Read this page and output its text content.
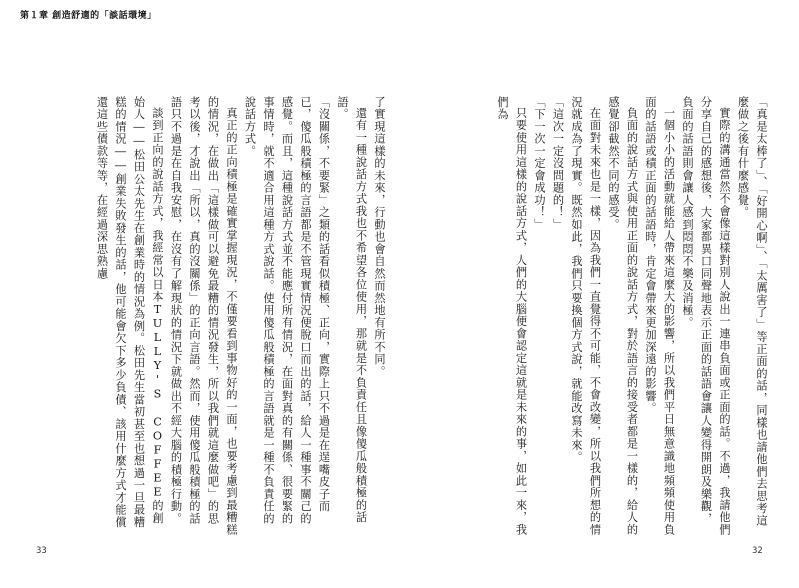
第１章 創造舒適的「談話環境」

「真是太棒了」、「好開心啊」、「太厲害了」等正面的話，同樣也請他們去思考這麼做之後有什麼感覺。

實際的溝通當然不會像這樣對別人說出一連串負面或正面的話。不過，我請他們分享自己的感想後，大家都異口同聲地表示正面的話語會讓人變得開朗及樂觀，負面的話語則會讓人感到悶悶不樂及消極。

一個小小的活動就能給人帶來這麼大的影響，所以我們平日無意識地頻頻使用負面的話語或積正面的話語時，肯定會帶來更加深遠的影響。

負面的說話方式與使用正面的說話方式，對於語言的接受者都是一樣的，給人的感覺卻截然不同的感受。

在面對未來也是一樣，因為我們一直覺得不可能，不會改變，所以我們所想的情況就成為了現實。既然如此，我們只要換個方式說，就能改寫未來。

「這次一定沒問題的！」

「下一次一定會成功！」

只要使用這樣的說話方式，人們的大腦便會認定這就是未來的事，如此一來，我們為

了實現這樣的未來，行動也會自然而然地有所不同。

還有一種說話方式我也不希望各位使用，那就是不負責任且像傻瓜般積極的話語。

「沒關係，不要緊」之類的話看似積極、正向，實際上只不過是在逞嘴皮子而已，傻瓜般積極的言語都是不管現實情況便脫口而出的話，給人一種事不關己的感覺。而且，這種說話方式並不能應付所有情況，在面對真的有關係、很要緊的事情時，就不適合用這種方式說話。使用傻瓜般積極的言語就是一種不負責任的說話方式。

真正的正向積極是確實掌握現況，不僅要看到事物好的一面，也要考慮到最糟糕的情況，在做出「這樣做可以避免最糟的情況發生，所以我們就這麼做吧」的思考以後，才說出「所以，真的沒關係」的正向言語。然而，使用傻瓜般積極的話語只不過是在自我安慰，在沒有了解現狀的情況下就做出不經大腦的積極行動。

談到正向的說話方式，我經常以日本TULLY'S COFFEE的創始人――松田公太先生在創業時的情況為例。松田先生當初甚至也想過一旦最糟糕的情況――創業失敗發生的話，他可能會欠下多少負債、該用什麼方式才能償還這些債款等等，在經過深思熟慮

33	32
